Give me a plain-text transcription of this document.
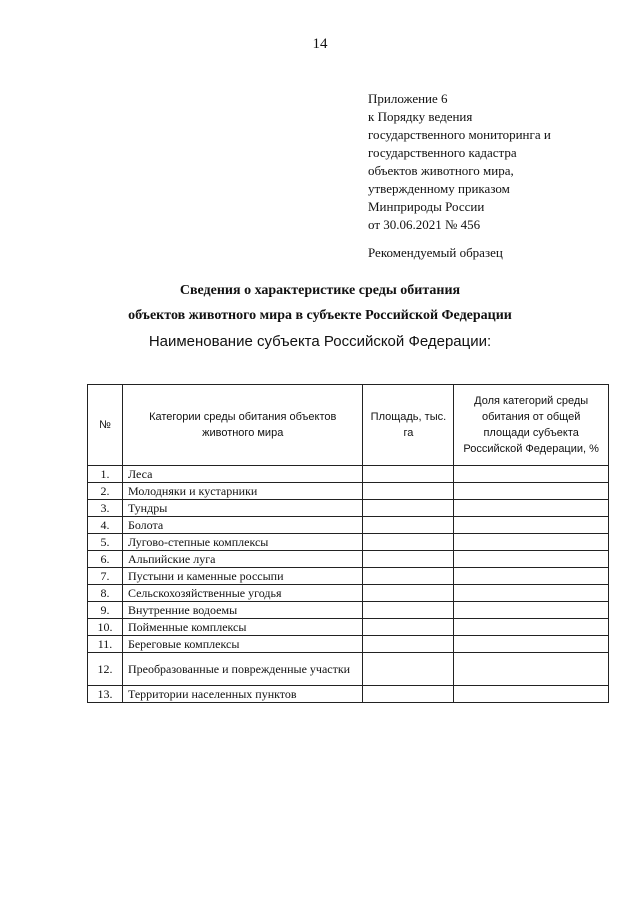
14
Приложение 6
к Порядку ведения
государственного мониторинга и
государственного кадастра
объектов животного мира,
утвержденному приказом
Минприроды России
от 30.06.2021 № 456
Рекомендуемый образец
Сведения о характеристике среды обитания
объектов животного мира в субъекте Российской Федерации
Наименование субъекта Российской Федерации:
№	Категории среды обитания объектов животного мира	Площадь, тыс. га	Доля категорий среды обитания от общей площади субъекта Российской Федерации, %
1.	Леса		
2.	Молодняки и кустарники		
3.	Тундры		
4.	Болота		
5.	Лугово-степные комплексы		
6.	Альпийские луга		
7.	Пустыни и каменные россыпи		
8.	Сельскохозяйственные угодья		
9.	Внутренние водоемы		
10.	Пойменные комплексы		
11.	Береговые комплексы		
12.	Преобразованные и поврежденные участки		
13.	Территории населенных пунктов		
